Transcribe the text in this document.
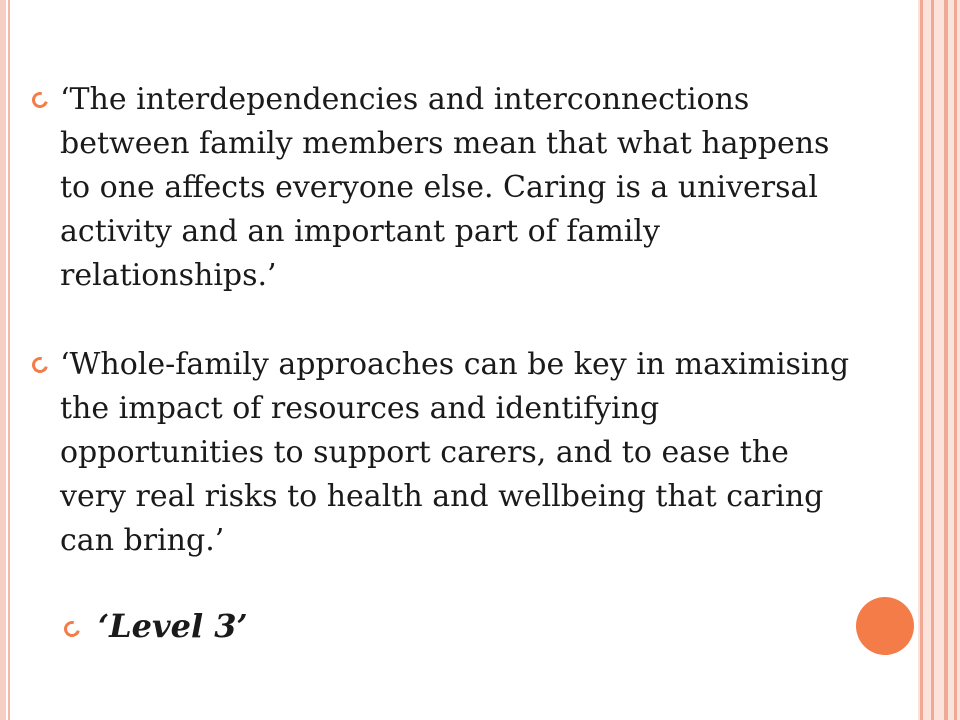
‘The interdependencies and interconnections between family members mean that what happens to one affects everyone else. Caring is a universal activity and an important part of family relationships.’
‘Whole-family approaches can be key in maximising the impact of resources and identifying opportunities to support carers, and to ease the very real risks to health and wellbeing that caring can bring.’
‘Level 3’
